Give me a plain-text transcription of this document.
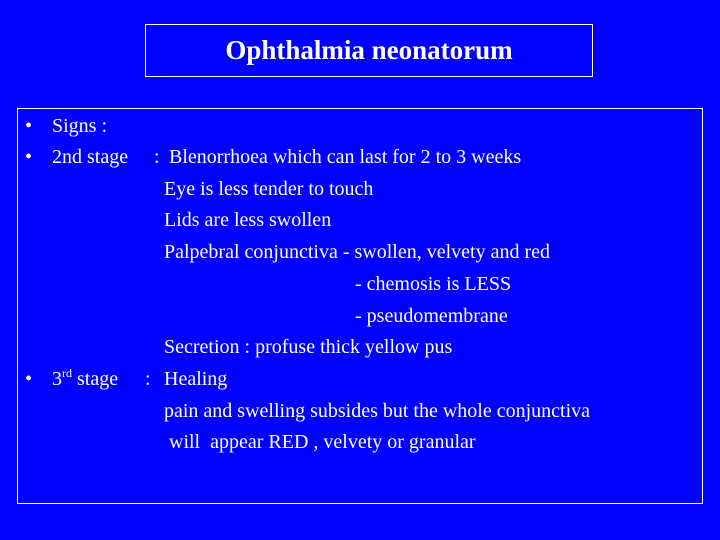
Ophthalmia neonatorum
• Signs :
• 2nd stage : Blenorrhoea which can last for 2 to 3 weeks
Eye is less tender to touch
Lids are less swollen
Palpebral conjunctiva - swollen, velvety and red
- chemosis is LESS
- pseudomembrane
Secretion : profuse thick yellow pus
• 3rd stage : Healing
pain and swelling subsides but the whole conjunctiva
will  appear RED , velvety or granular
